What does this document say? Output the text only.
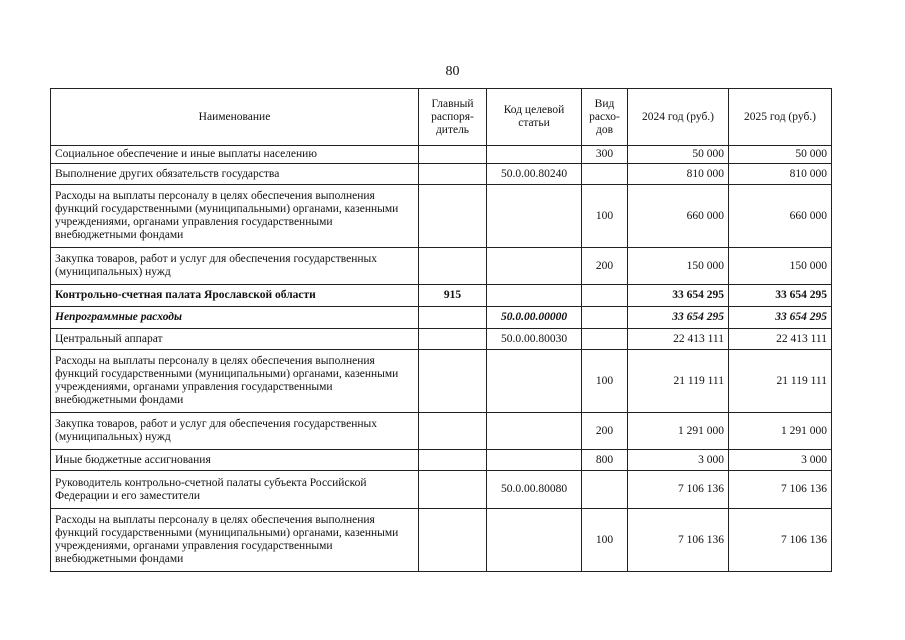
80
Наименование	Главный распоря-дитель	Код целевой статьи	Вид расхо-дов	2024 год (руб.)	2025 год (руб.)
Социальное обеспечение и иные выплаты населению			300	50 000	50 000
Выполнение других обязательств государства		50.0.00.80240		810 000	810 000
Расходы на выплаты персоналу в целях обеспечения выполнения функций государственными (муниципальными) органами, казенными учреждениями, органами управления государственными внебюджетными фондами			100	660 000	660 000
Закупка товаров, работ и услуг для обеспечения государственных (муниципальных) нужд			200	150 000	150 000
Контрольно-счетная палата Ярославской области	915			33 654 295	33 654 295
Непрограммные расходы		50.0.00.00000		33 654 295	33 654 295
Центральный аппарат		50.0.00.80030		22 413 111	22 413 111
Расходы на выплаты персоналу в целях обеспечения выполнения функций государственными (муниципальными) органами, казенными учреждениями, органами управления государственными внебюджетными фондами			100	21 119 111	21 119 111
Закупка товаров, работ и услуг для обеспечения государственных (муниципальных) нужд			200	1 291 000	1 291 000
Иные бюджетные ассигнования			800	3 000	3 000
Руководитель контрольно-счетной палаты субъекта Российской Федерации и его заместители		50.0.00.80080		7 106 136	7 106 136
Расходы на выплаты персоналу в целях обеспечения выполнения функций государственными (муниципальными) органами, казенными учреждениями, органами управления государственными внебюджетными фондами			100	7 106 136	7 106 136
